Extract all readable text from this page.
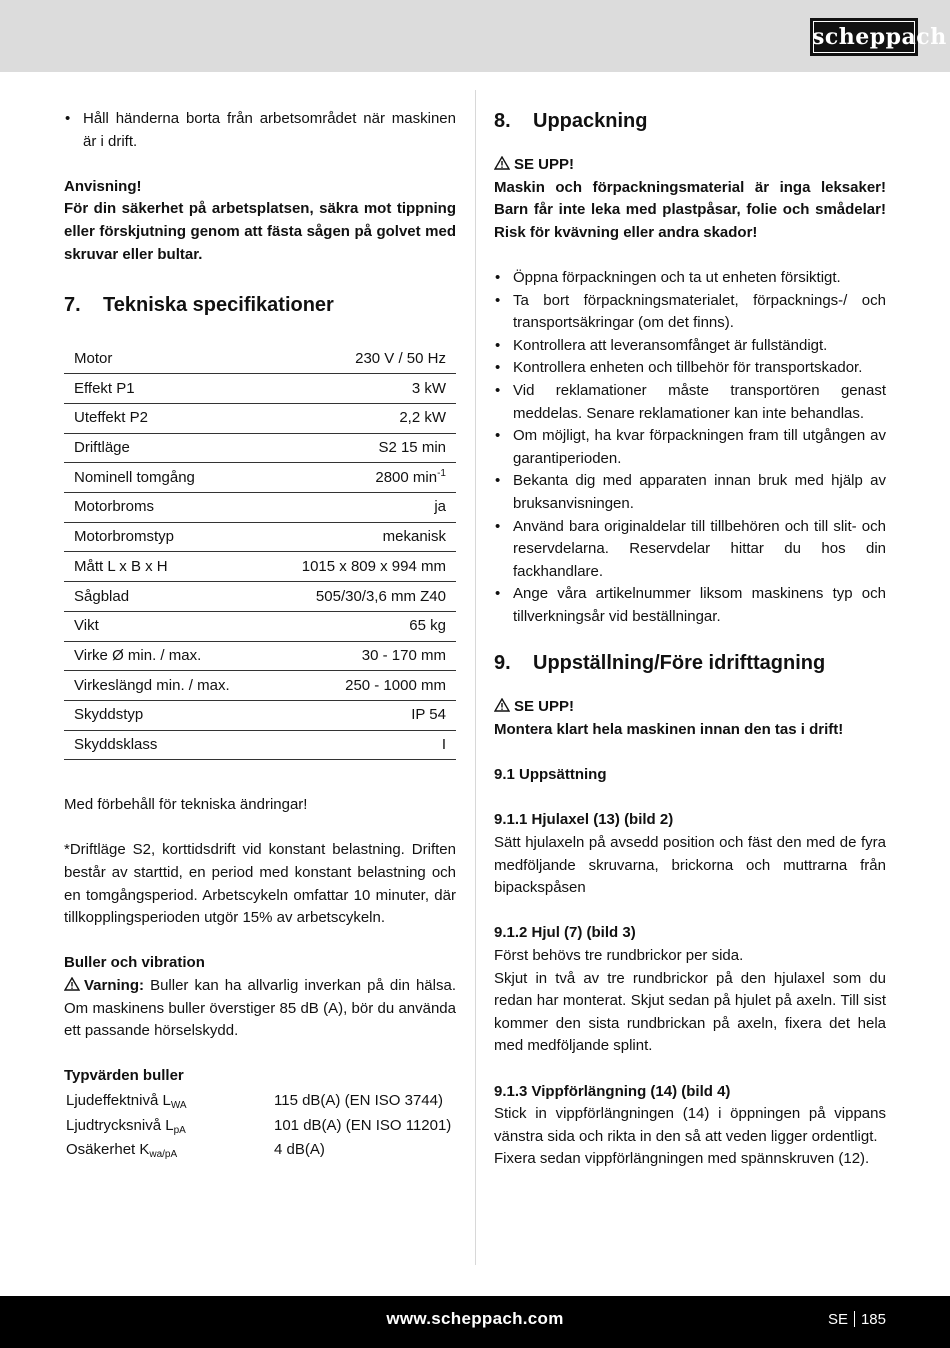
scheppach
• Håll händerna borta från arbetsområdet när maskinen är i drift.
Anvisning!
För din säkerhet på arbetsplatsen, säkra mot tippning eller förskjutning genom att fästa sågen på golvet med skruvar eller bultar.
7.	Tekniska specifikationer
Motor	230 V / 50 Hz
Effekt P1	3 kW
Uteffekt P2	2,2 kW
Driftläge	S2 15 min
Nominell tomgång	2800 $\min^{-1}$
Motorbroms	ja
Motorbromstyp	mekanisk
Mått L x B x H	1015 x 809 x 994 mm
Sågblad	505/30/3,6 mm Z40
Vikt	65 kg
Virke Ø min. / max.	30 - 170 mm
Virkeslängd min. / max.	250 - 1000 mm
Skyddstyp	IP 54
Skyddsklass	I
Med förbehåll för tekniska ändringar!
*Driftläge S2, korttidsdrift vid konstant belastning. Driften består av starttid, en period med konstant belastning och en tomgångsperiod. Arbetscykeln omfattar 10 minuter, där tillkopplingsperioden utgör 15% av arbetscykeln.
Buller och vibration
Varning: Buller kan ha allvarlig inverkan på din hälsa. Om maskinens buller överstiger 85 dB (A), bör du använda ett passande hörselskydd.
Typvärden buller
Ljudeffektnivå $L_{WA}$	115 dB(A) (EN ISO 3744)
Ljudtrycksnivå $L_{pA}$	101 dB(A) (EN ISO 11201)
Osäkerhet $K_{wa/pA}$	4 dB(A)
8.	Uppackning
SE UPP!
Maskin och förpackningsmaterial är inga leksaker! Barn får inte leka med plastpåsar, folie och smådelar! Risk för kvävning eller andra skador!
• Öppna förpackningen och ta ut enheten försiktigt.
• Ta bort förpackningsmaterialet, förpacknings-/ och transportsäkringar (om det finns).
• Kontrollera att leveransomfånget är fullständigt.
• Kontrollera enheten och tillbehör för transportskador.
• Vid reklamationer måste transportören genast meddelas. Senare reklamationer kan inte behandlas.
• Om möjligt, ha kvar förpackningen fram till utgången av garantiperioden.
• Bekanta dig med apparaten innan bruk med hjälp av bruksanvisningen.
• Använd bara originaldelar till tillbehören och till slit- och reservdelarna. Reservdelar hittar du hos din fackhandlare.
• Ange våra artikelnummer liksom maskinens typ och tillverkningsår vid beställningar.
9.	Uppställning/Före idrifttagning
SE UPP!
Montera klart hela maskinen innan den tas i drift!
9.1 Uppsättning
9.1.1 Hjulaxel (13) (bild 2)
Sätt hjulaxeln på avsedd position och fäst den med de fyra medföljande skruvarna, brickorna och muttrarna från bipackspåsen
9.1.2 Hjul (7) (bild 3)
Först behövs tre rundbrickor per sida.
Skjut in två av tre rundbrickor på den hjulaxel som du redan har monterat. Skjut sedan på hjulet på axeln. Till sist kommer den sista rundbrickan på axeln, fixera det hela med medföljande splint.
9.1.3 Vippförlängning (14) (bild 4)
Stick in vippförlängningen (14) i öppningen på vippans vänstra sida och rikta in den så att veden ligger ordentligt.
Fixera sedan vippförlängningen med spännskruven (12).
www.scheppach.com	SE 185
